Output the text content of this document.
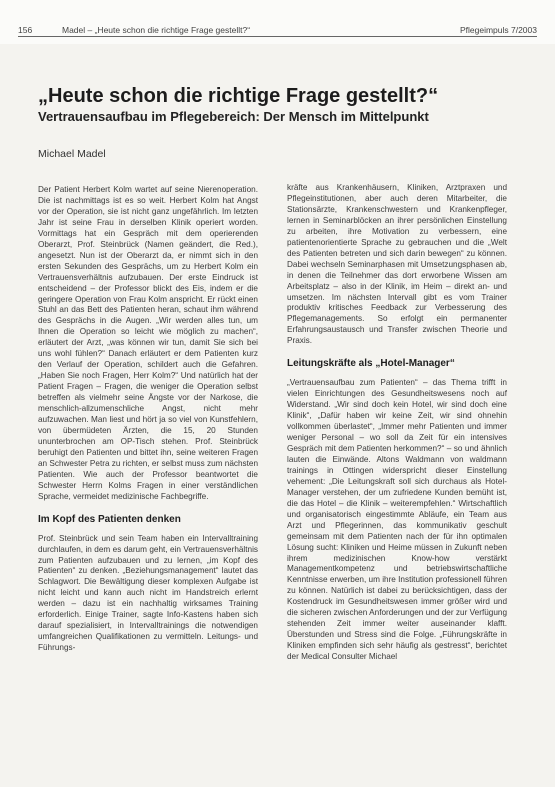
156	Madel – „Heute schon die richtige Frage gestellt?“	Pflegeimpuls 7/2003
„Heute schon die richtige Frage gestellt?“
Vertrauensaufbau im Pflegebereich: Der Mensch im Mittelpunkt
Michael Madel

Der Patient Herbert Kolm wartet auf seine Nierenoperation. Die ist nachmittags ist es so weit. Herbert Kolm hat Angst vor der Operation, sie ist nicht ganz ungefährlich. Im letzten Jahr ist seine Frau in derselben Klinik operiert worden. Vormittags hat ein Gespräch mit dem operierenden Oberarzt, Prof. Steinbrück (Namen geändert, die Red.), angesetzt. Nun ist der Oberarzt da, er nimmt sich in den ersten Sekunden des Gesprächs, um zu Herbert Kolm ein Vertrauensverhältnis aufzubauen. Der erste Eindruck ist entscheidend – der Professor blickt des Eis, indem er die geringere Operation von Frau Kolm anspricht. Er rückt einen Stuhl an das Bett des Patienten heran, schaut ihm während des Gesprächs in die Augen. „Wir werden alles tun, um Ihnen die Operation so leicht wie möglich zu machen“, erläutert der Arzt, „was können wir tun, damit Sie sich bei uns wohl fühlen?“ Danach erläutert er dem Patienten kurz den Verlauf der Operation, schildert auch die Gefahren. „Haben Sie noch Fragen, Herr Kolm?“ Und natürlich hat der Patient Fragen – Fragen, die weniger die Operation selbst betreffen als vielmehr seine Ängste vor der Narkose, die menschlich-allzumenschliche Angst, nicht mehr aufzuwachen. Man liest und hört ja so viel von Kunstfehlern, von übermüdeten Ärzten, die 15, 20 Stunden ununterbrochen am OP-Tisch stehen. Prof. Steinbrück beruhigt den Patienten und bittet ihn, seine weiteren Fragen an Schwester Petra zu richten, er selbst muss zum nächsten Patienten. Wie auch der Professor beantwortet die Schwester Herrn Kolms Fragen in einer verständlichen Sprache, vermeidet medizinische Fachbegriffe.

Im Kopf des Patienten denken

Prof. Steinbrück und sein Team haben ein Intervalltraining durchlaufen, in dem es darum geht, ein Vertrauensverhältnis zum Patienten aufzubauen und zu lernen, „im Kopf des Patienten“ zu denken. „Beziehungsmanagement“ lautet das Schlagwort. Die Bewältigung dieser komplexen Aufgabe ist nicht leicht und kann auch nicht im Handstreich erlernt werden – dazu ist ein nachhaltig wirksames Training erforderlich. Einige Trainer, sagte Info-Kastens haben sich darauf spezialisiert, in Intervalltrainings die notwendigen umfangreichen Qualifikationen zu vermitteln. Leitungs- und Führungs-

kräfte aus Krankenhäusern, Kliniken, Arztpraxen und Pflegeinstitutionen, aber auch deren Mitarbeiter, die Stationsärzte, Krankenschwestern und Krankenpfleger, lernen in Seminarblöcken an ihrer persönlichen Einstellung zu arbeiten, ihre Motivation zu verbessern, eine patientenorientierte Sprache zu gebrauchen und die „Welt des Patienten betreten und sich darin bewegen“ zu können. Dabei wechseln Seminarphasen mit Umsetzungsphasen ab, in denen die Teilnehmer das dort erworbene Wissen am Arbeitsplatz – also in der Klinik, im Heim – direkt an- und umsetzen. Im nächsten Intervall gibt es vom Trainer produktiv kritisches Feedback zur Verbesserung des Pflegemanagements. So erfolgt ein permanenter Erfahrungsaustausch und Transfer zwischen Theorie und Praxis.

Leitungskräfte als „Hotel-Manager“

„Vertrauensaufbau zum Patienten“ – das Thema trifft in vielen Einrichtungen des Gesundheitswesens noch auf Widerstand. „Wir sind doch kein Hotel, wir sind doch eine Klinik“, „Dafür haben wir keine Zeit, wir sind ohnehin vollkommen überlastet“, „Immer mehr Patienten und immer weniger Personal – wo soll da Zeit für ein intensives Gespräch mit dem Patienten herkommen?“ – so und ähnlich lauten die Einwände. Altons Waldmann von waldmann trainings in Ottingen widerspricht dieser Einstellung vehement: „Die Leitungskraft soll sich durchaus als Hotel-Manager verstehen, der um zufriedene Kunden bemüht ist, die das Hotel – die Klinik – weiterempfehlen.“ Wirtschaftlich und organisatorisch eingestimmte Abläufe, ein Team aus Arzt und Pflegerinnen, das kommunikativ geschult gemeinsam mit dem Patienten nach der für ihn optimalen Lösung sucht: Kliniken und Heime müssen in Zukunft neben ihrem medizinischen Know-how verstärkt Managementkompetenz und betriebswirtschaftliche Kenntnisse erwerben, um ihre Institution professionell führen zu können. Natürlich ist dabei zu berücksichtigen, dass der Kostendruck im Gesundheitswesen immer größer wird und die sicheren zwischen Anforderungen und der zur Verfügung stehenden Zeit immer weiter auseinander klafft. Überstunden und Stress sind die Folge. „Führungskräfte in Kliniken empfinden sich sehr häufig als gestresst“, berichtet der Medical Consulter Michael
